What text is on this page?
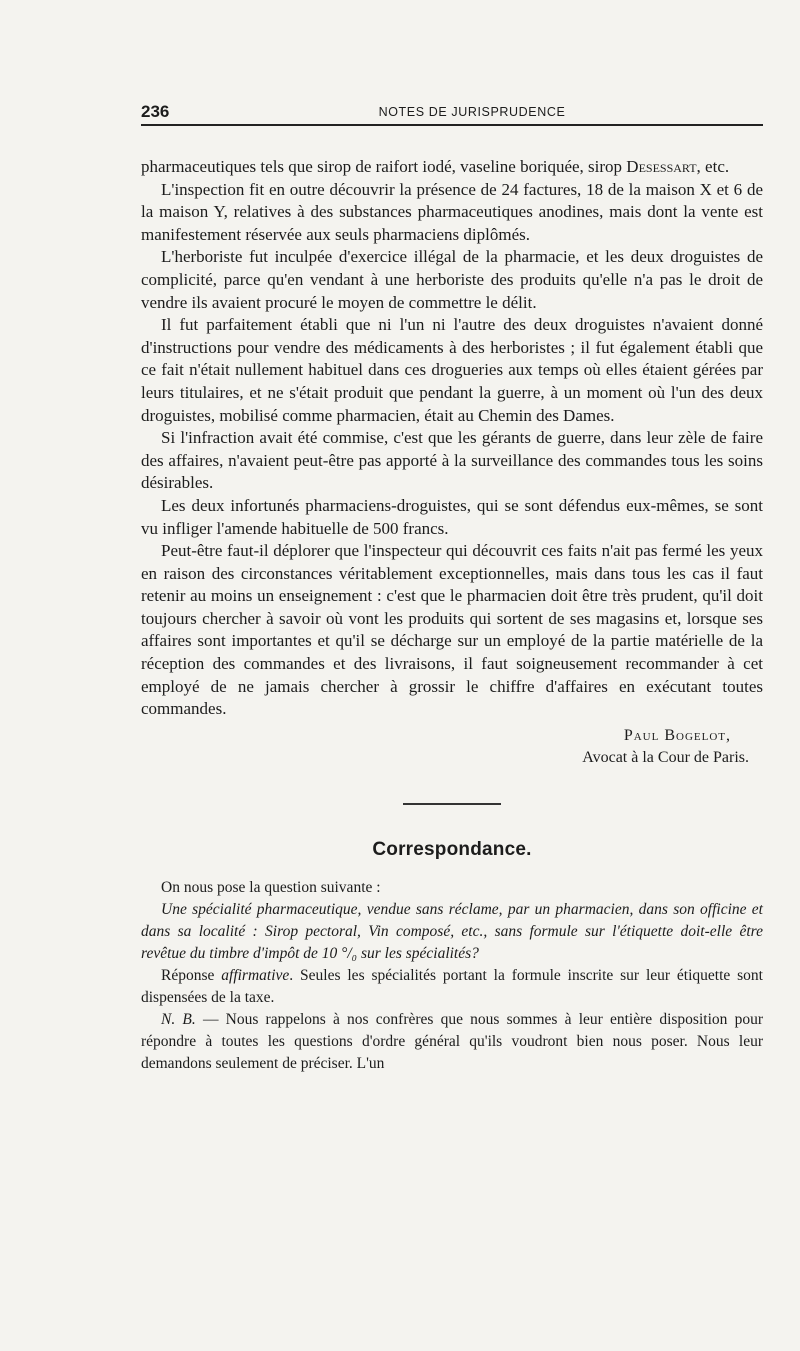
236	NOTES DE JURISPRUDENCE

pharmaceutiques tels que sirop de raifort iodé, vaseline boriquée, sirop Desessart, etc.

L'inspection fit en outre découvrir la présence de 24 factures, 18 de la maison X et 6 de la maison Y, relatives à des substances pharmaceutiques anodines, mais dont la vente est manifestement réservée aux seuls pharmaciens diplômés.

L'herboriste fut inculpée d'exercice illégal de la pharmacie, et les deux droguistes de complicité, parce qu'en vendant à une herboriste des produits qu'elle n'a pas le droit de vendre ils avaient procuré le moyen de commettre le délit.

Il fut parfaitement établi que ni l'un ni l'autre des deux droguistes n'avaient donné d'instructions pour vendre des médicaments à des herboristes ; il fut également établi que ce fait n'était nullement habituel dans ces drogueries aux temps où elles étaient gérées par leurs titulaires, et ne s'était produit que pendant la guerre, à un moment où l'un des deux droguistes, mobilisé comme pharmacien, était au Chemin des Dames.

Si l'infraction avait été commise, c'est que les gérants de guerre, dans leur zèle de faire des affaires, n'avaient peut-être pas apporté à la surveillance des commandes tous les soins désirables.

Les deux infortunés pharmaciens-droguistes, qui se sont défendus eux-mêmes, se sont vu infliger l'amende habituelle de 500 francs.

Peut-être faut-il déplorer que l'inspecteur qui découvrit ces faits n'ait pas fermé les yeux en raison des circonstances véritablement exceptionnelles, mais dans tous les cas il faut retenir au moins un enseignement : c'est que le pharmacien doit être très prudent, qu'il doit toujours chercher à savoir où vont les produits qui sortent de ses magasins et, lorsque ses affaires sont importantes et qu'il se décharge sur un employé de la partie matérielle de la réception des commandes et des livraisons, il faut soigneusement recommander à cet employé de ne jamais chercher à grossir le chiffre d'affaires en exécutant toutes commandes.

Paul Bogelot,
Avocat à la Cour de Paris.
Correspondance.

On nous pose la question suivante :

Une spécialité pharmaceutique, vendue sans réclame, par un pharmacien, dans son officine et dans sa localité : Sirop pectoral, Vin composé, etc., sans formule sur l'étiquette doit-elle être revêtue du timbre d'impôt de 10 °/₀ sur les spécialités?

Réponse affirmative. Seules les spécialités portant la formule inscrite sur leur étiquette sont dispensées de la taxe.

N. B. — Nous rappelons à nos confrères que nous sommes à leur entière disposition pour répondre à toutes les questions d'ordre général qu'ils voudront bien nous poser. Nous leur demandons seulement de préciser. L'un
